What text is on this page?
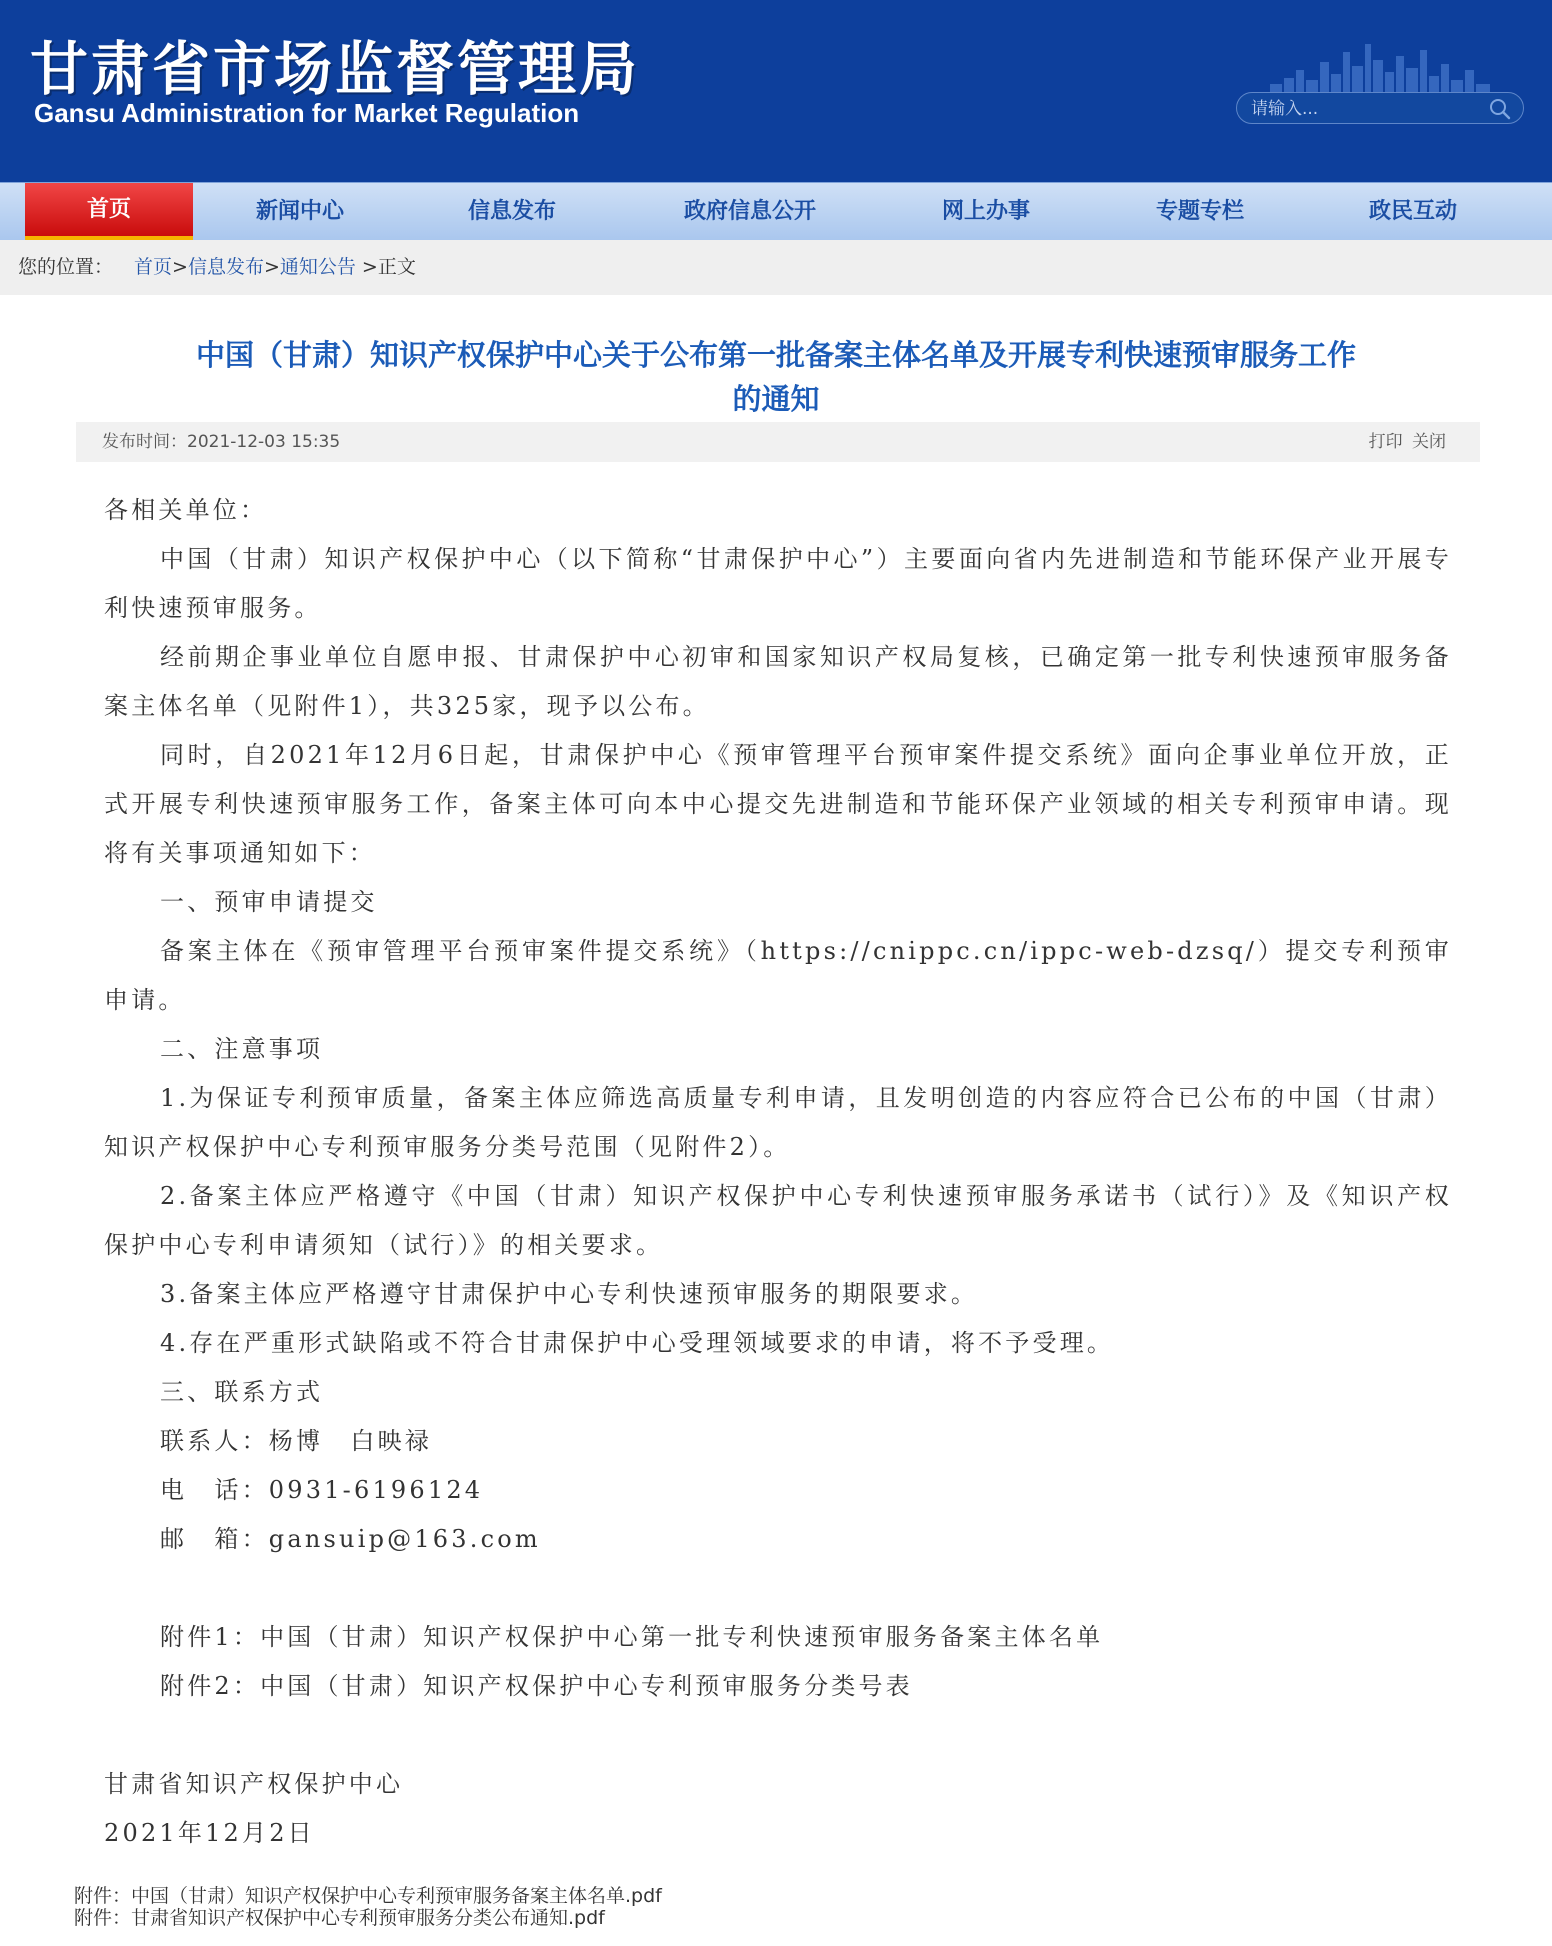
甘肃省市场监督管理局
Gansu Administration for Market Regulation
请输入...
首页	新闻中心	信息发布	政府信息公开	网上办事	专题专栏	政民互动
您的位置： 首页>信息发布>通知公告 >正文
中国（甘肃）知识产权保护中心关于公布第一批备案主体名单及开展专利快速预审服务工作
的通知
发布时间：2021-12-03 15:35	打印 关闭

各相关单位：

中国（甘肃）知识产权保护中心（以下简称“甘肃保护中心”）主要面向省内先进制造和节能环保产业开展专利快速预审服务。

经前期企事业单位自愿申报、甘肃保护中心初审和国家知识产权局复核，已确定第一批专利快速预审服务备案主体名单（见附件1），共325家，现予以公布。

同时，自2021年12月6日起，甘肃保护中心《预审管理平台预审案件提交系统》面向企事业单位开放，正式开展专利快速预审服务工作，备案主体可向本中心提交先进制造和节能环保产业领域的相关专利预审申请。现将有关事项通知如下：

一、预审申请提交

备案主体在《预审管理平台预审案件提交系统》（https://cnippc.cn/ippc-web-dzsq/）提交专利预审申请。

二、注意事项

1.为保证专利预审质量，备案主体应筛选高质量专利申请，且发明创造的内容应符合已公布的中国（甘肃）知识产权保护中心专利预审服务分类号范围（见附件2）。

2.备案主体应严格遵守《中国（甘肃）知识产权保护中心专利快速预审服务承诺书（试行）》及《知识产权保护中心专利申请须知（试行）》的相关要求。

3.备案主体应严格遵守甘肃保护中心专利快速预审服务的期限要求。

4.存在严重形式缺陷或不符合甘肃保护中心受理领域要求的申请，将不予受理。

三、联系方式

联系人：杨博　白映禄

电　话：0931-6196124

邮　箱：gansuip@163.com

附件1：中国（甘肃）知识产权保护中心第一批专利快速预审服务备案主体名单

附件2：中国（甘肃）知识产权保护中心专利预审服务分类号表

甘肃省知识产权保护中心

2021年12月2日

附件：中国（甘肃）知识产权保护中心专利预审服务备案主体名单.pdf
附件：甘肃省知识产权保护中心专利预审服务分类公布通知.pdf
